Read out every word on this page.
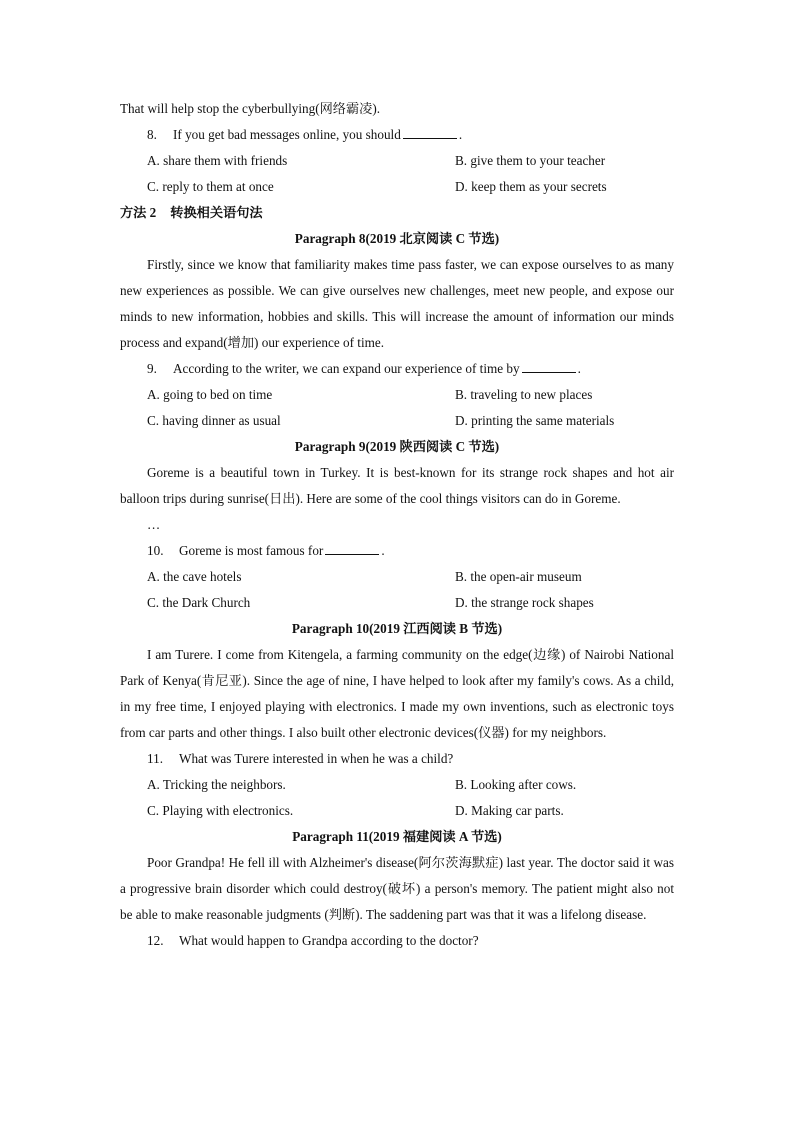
That will help stop the cyberbullying(网络霸凌).
8. If you get bad messages online, you should	.
A. share them with friends	B. give them to your teacher
C. reply to them at once	D. keep them as your secrets
方法 2 转换相关语句法
Paragraph 8(2019 北京阅读 C 节选)

Firstly, since we know that familiarity makes time pass faster, we can expose ourselves to as many new experiences as possible. We can give ourselves new challenges, meet new people, and expose our minds to new information, hobbies and skills. This will increase the amount of information our minds process and expand(增加) our experience of time.

9. According to the writer, we can expand our experience of time by	.
A. going to bed on time	B. traveling to new places
C. having dinner as usual	D. printing the same materials
Paragraph 9(2019 陕西阅读 C 节选)

Goreme is a beautiful town in Turkey. It is best-known for its strange rock shapes and hot air balloon trips during sunrise(日出). Here are some of the cool things visitors can do in Goreme.

…
10. Goreme is most famous for	.
A. the cave hotels	B. the open-air museum
C. the Dark Church	D. the strange rock shapes
Paragraph 10(2019 江西阅读 B 节选)

I am Turere. I come from Kitengela, a farming community on the edge(边缘) of Nairobi National Park of Kenya(肯尼亚). Since the age of nine, I have helped to look after my family's cows. As a child, in my free time, I enjoyed playing with electronics. I made my own inventions, such as electronic toys from car parts and other things. I also built other electronic devices(仪器) for my neighbors.

11. What was Turere interested in when he was a child?
A. Tricking the neighbors.	B. Looking after cows.
C. Playing with electronics.	D. Making car parts.
Paragraph 11(2019 福建阅读 A 节选)

Poor Grandpa! He fell ill with Alzheimer's disease(阿尔茨海默症) last year. The doctor said it was a progressive brain disorder which could destroy(破坏) a person's memory. The patient might also not be able to make reasonable judgments (判断). The saddening part was that it was a lifelong disease.

12. What would happen to Grandpa according to the doctor?
